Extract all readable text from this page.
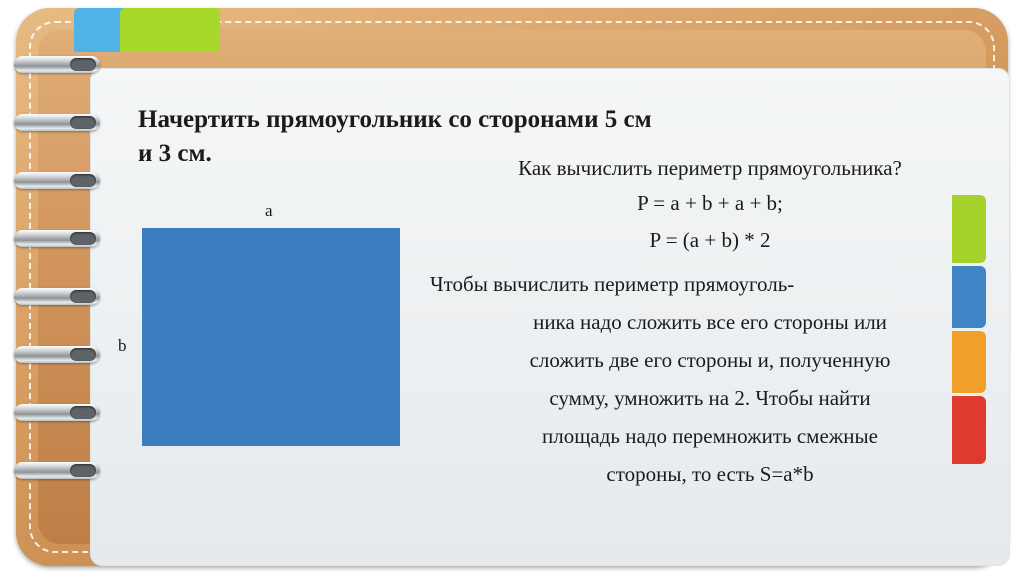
Начертить прямоугольник со сторонами 5 см и 3 см.
a
b
Как вычислить периметр прямоугольника?
P = a + b + a + b;
P = (a + b) * 2
Чтобы вычислить периметр прямоуголь-
ника надо сложить все его стороны или
сложить две его стороны и, полученную
сумму, умножить на 2. Чтобы найти
площадь надо перемножить смежные
стороны, то есть S=a*b
